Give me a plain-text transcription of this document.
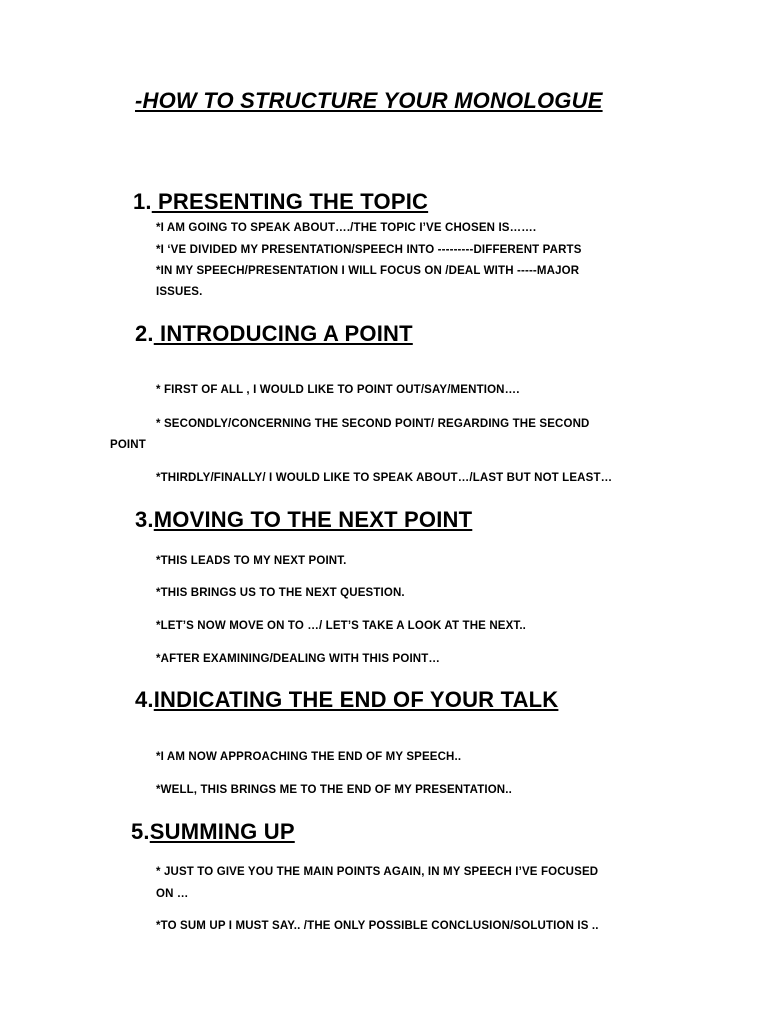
-HOW TO STRUCTURE YOUR MONOLOGUE
1. PRESENTING THE TOPIC
*I AM GOING TO SPEAK ABOUT…./THE TOPIC I’VE CHOSEN IS…….
*I ‘VE DIVIDED MY PRESENTATION/SPEECH INTO ---------DIFFERENT PARTS
*IN MY SPEECH/PRESENTATION I WILL FOCUS ON /DEAL WITH -----MAJOR
ISSUES.
2. INTRODUCING A POINT
* FIRST OF ALL , I WOULD LIKE TO POINT OUT/SAY/MENTION….
* SECONDLY/CONCERNING THE SECOND POINT/ REGARDING THE SECOND
POINT
*THIRDLY/FINALLY/ I WOULD LIKE TO SPEAK ABOUT…/LAST BUT NOT LEAST…
3.MOVING TO THE NEXT POINT
*THIS LEADS TO MY NEXT POINT.
*THIS BRINGS US TO THE NEXT QUESTION.
*LET’S NOW MOVE ON TO …/ LET’S TAKE A LOOK AT THE NEXT..
*AFTER EXAMINING/DEALING WITH THIS POINT…
4.INDICATING THE END OF YOUR TALK
*I AM NOW APPROACHING THE END OF MY SPEECH..
*WELL, THIS BRINGS ME TO THE END OF MY PRESENTATION..
5.SUMMING UP
* JUST TO GIVE YOU THE MAIN POINTS AGAIN, IN MY SPEECH I’VE FOCUSED
ON …
*TO SUM UP I MUST SAY.. /THE ONLY POSSIBLE CONCLUSION/SOLUTION IS ..
